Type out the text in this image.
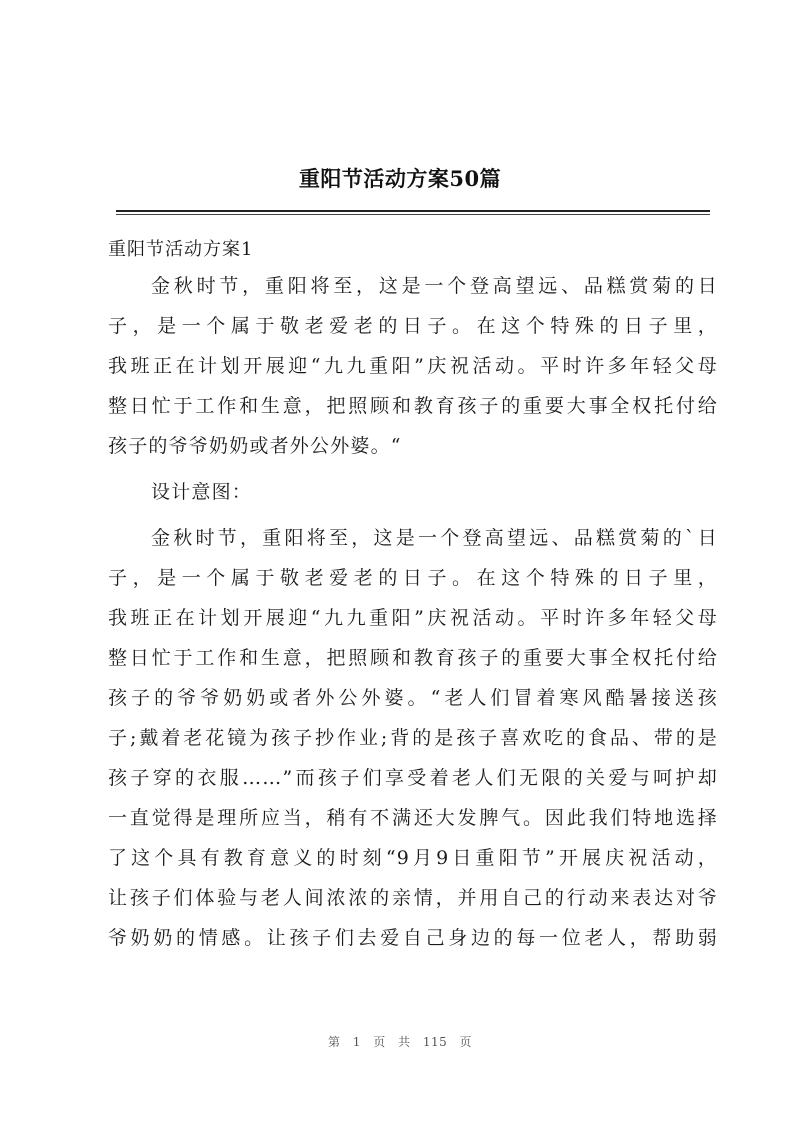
重阳节活动方案50篇
重阳节活动方案1
金秋时节，重阳将至，这是一个登高望远、品糕赏菊的日
子，是一个属于敬老爱老的日子。在这个特殊的日子里，
我班正在计划开展迎“九九重阳”庆祝活动。平时许多年轻父母
整日忙于工作和生意，把照顾和教育孩子的重要大事全权托付给
孩子的爷爷奶奶或者外公外婆。“
设计意图：
金秋时节，重阳将至，这是一个登高望远、品糕赏菊的`日
子，是一个属于敬老爱老的日子。在这个特殊的日子里，
我班正在计划开展迎“九九重阳”庆祝活动。平时许多年轻父母
整日忙于工作和生意，把照顾和教育孩子的重要大事全权托付给
孩子的爷爷奶奶或者外公外婆。“老人们冒着寒风酷暑接送孩
子;戴着老花镜为孩子抄作业;背的是孩子喜欢吃的食品、带的是
孩子穿的衣服……”而孩子们享受着老人们无限的关爱与呵护却
一直觉得是理所应当，稍有不满还大发脾气。因此我们特地选择
了这个具有教育意义的时刻“9月9日重阳节”开展庆祝活动，
让孩子们体验与老人间浓浓的亲情，并用自己的行动来表达对爷
爷奶奶的情感。让孩子们去爱自己身边的每一位老人，帮助弱
第 1 页 共 115 页
